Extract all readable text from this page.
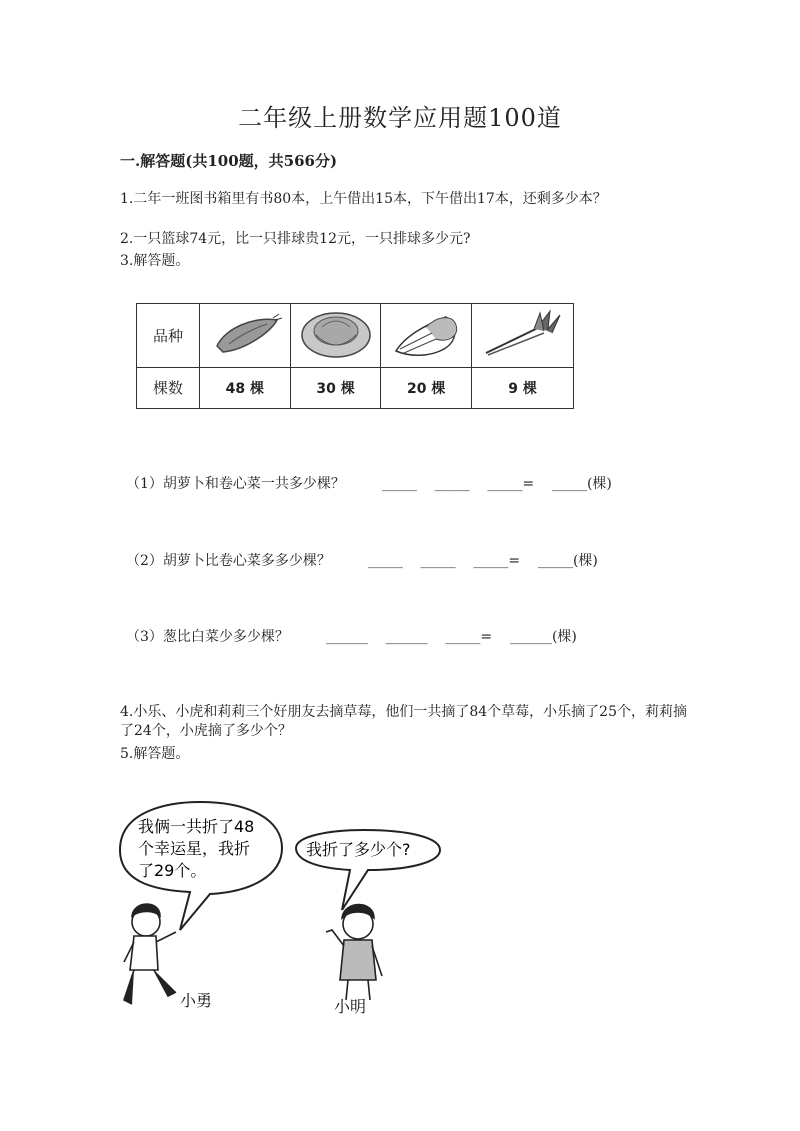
二年级上册数学应用题100道
一.解答题(共100题，共566分)
1.二年一班图书箱里有书80本，上午借出15本，下午借出17本，还剩多少本？
2.一只篮球74元，比一只排球贵12元，一只排球多少元?
3.解答题。
品种				
棵数	48 棵	30 棵	20 棵	9 棵
（1）胡萝卜和卷心菜一共多少棵？	_____    _____    _____=    _____(棵)
（2）胡萝卜比卷心菜多多少棵？	_____    _____    _____=    _____(棵)
（3）葱比白菜少多少棵？	______    ______    _____=    ______(棵)
4.小乐、小虎和莉莉三个好朋友去摘草莓，他们一共摘了84个草莓，小乐摘了25个，莉莉摘了24个，小虎摘了多少个？
5.解答题。
我俩一共折了48
个幸运星，我折
了29个。
我折了多少个?
小勇	小明
